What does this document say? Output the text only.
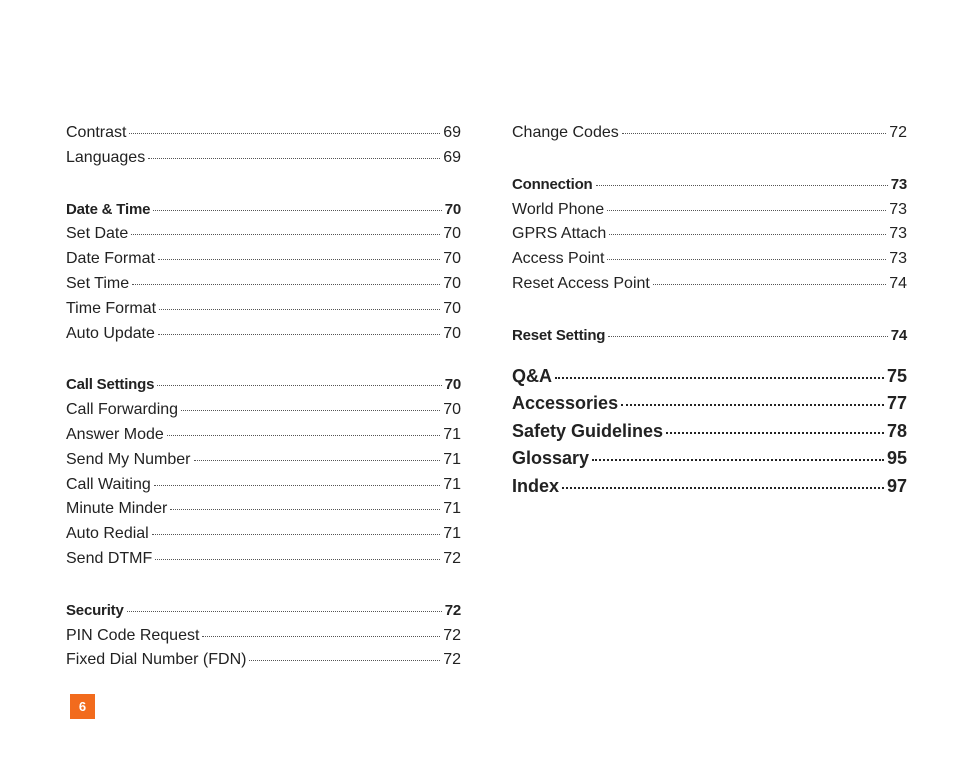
Contrast	69
Languages	69
Date & Time	70
Set Date	70
Date Format	70
Set Time	70
Time Format	70
Auto Update	70
Call Settings	70
Call Forwarding	70
Answer Mode	71
Send My Number	71
Call Waiting	71
Minute Minder	71
Auto Redial	71
Send DTMF	72
Security	72
PIN Code Request	72
Fixed Dial Number (FDN)	72
Change Codes	72
Connection	73
World Phone	73
GPRS Attach	73
Access Point	73
Reset Access Point	74
Reset Setting	74
Q&A	75
Accessories	77
Safety Guidelines	78
Glossary	95
Index	97
6
